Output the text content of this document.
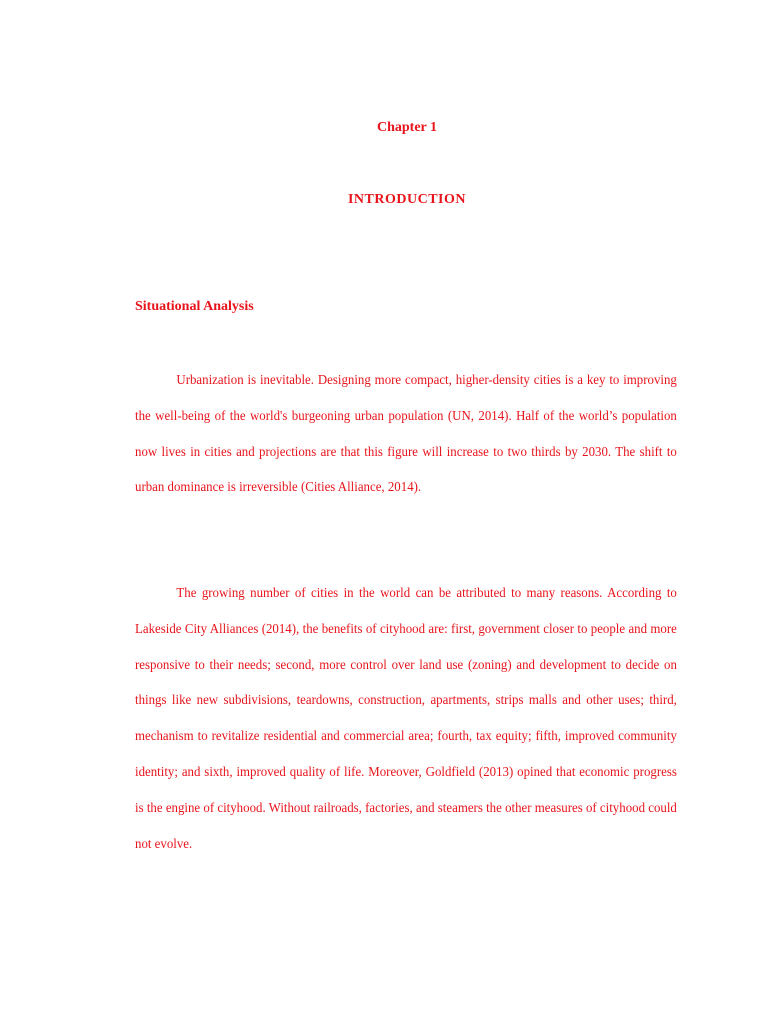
Chapter 1
INTRODUCTION
Situational Analysis

Urbanization is inevitable. Designing more compact, higher-density cities is a key to improving the well-being of the world's burgeoning urban population (UN, 2014). Half of the world’s population now lives in cities and projections are that this figure will increase to two thirds by 2030. The shift to urban dominance is irreversible (Cities Alliance, 2014).

The growing number of cities in the world can be attributed to many reasons. According to Lakeside City Alliances (2014), the benefits of cityhood are: first, government closer to people and more responsive to their needs; second, more control over land use (zoning) and development to decide on things like new subdivisions, teardowns, construction, apartments, strips malls and other uses; third, mechanism to revitalize residential and commercial area; fourth, tax equity; fifth, improved community identity; and sixth, improved quality of life. Moreover, Goldfield (2013) opined that economic progress is the engine of cityhood. Without railroads, factories, and steamers the other measures of cityhood could not evolve.
